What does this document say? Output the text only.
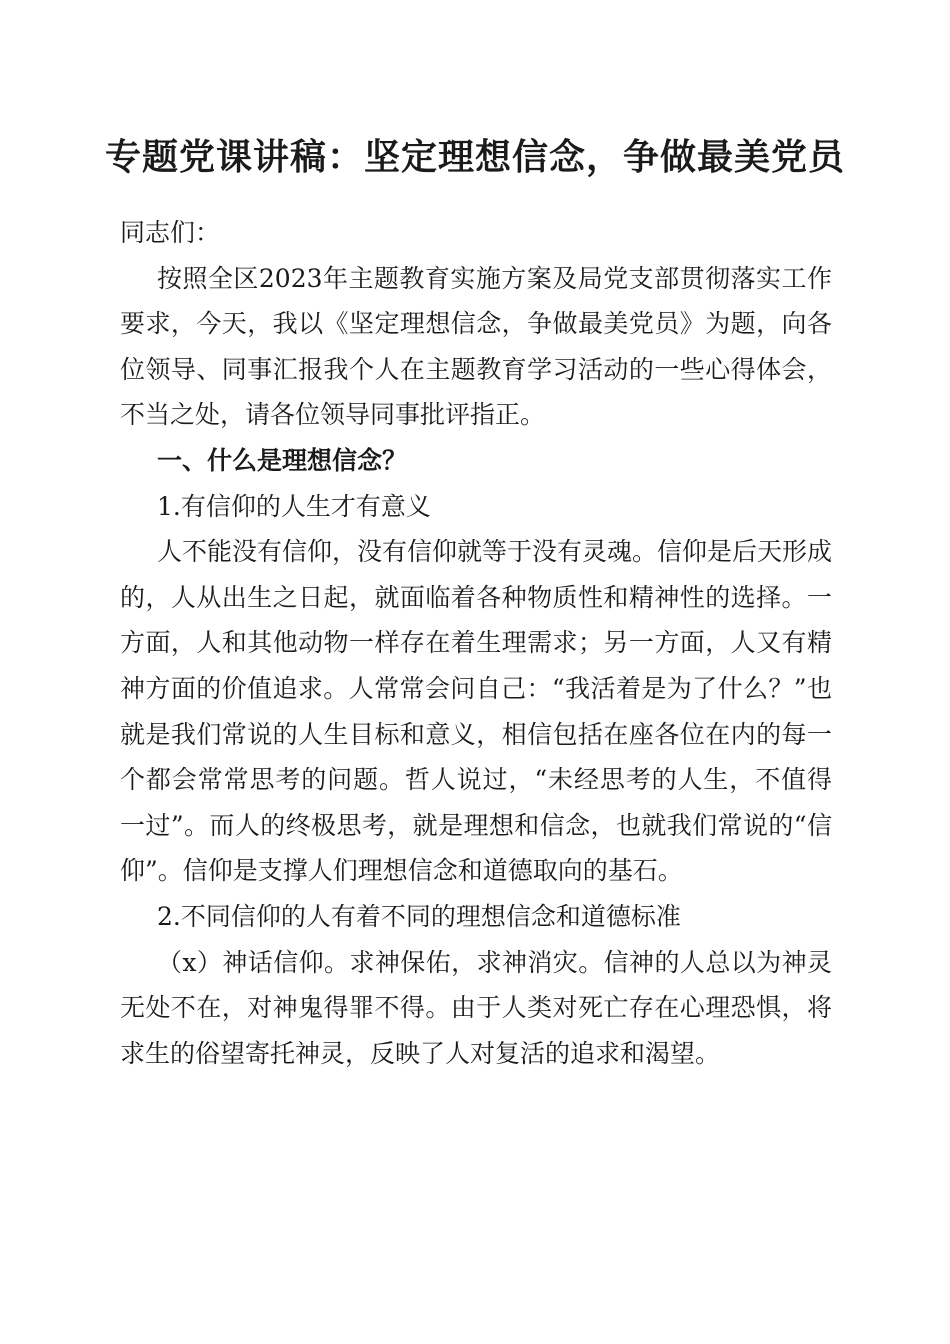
专题党课讲稿：坚定理想信念，争做最美党员

同志们：

按照全区2023年主题教育实施方案及局党支部贯彻落实工作要求，今天，我以《坚定理想信念，争做最美党员》为题，向各位领导、同事汇报我个人在主题教育学习活动的一些心得体会，不当之处，请各位领导同事批评指正。

一、什么是理想信念？

1.有信仰的人生才有意义

人不能没有信仰，没有信仰就等于没有灵魂。信仰是后天形成的，人从出生之日起，就面临着各种物质性和精神性的选择。一方面，人和其他动物一样存在着生理需求；另一方面，人又有精神方面的价值追求。人常常会问自己：“我活着是为了什么？”也就是我们常说的人生目标和意义，相信包括在座各位在内的每一个都会常常思考的问题。哲人说过，“未经思考的人生，不值得一过”。而人的终极思考，就是理想和信念，也就我们常说的“信仰”。信仰是支撑人们理想信念和道德取向的基石。

2.不同信仰的人有着不同的理想信念和道德标准

（x）神话信仰。求神保佑，求神消灾。信神的人总以为神灵无处不在，对神鬼得罪不得。由于人类对死亡存在心理恐惧，将求生的俗望寄托神灵，反映了人对复活的追求和渴望。
